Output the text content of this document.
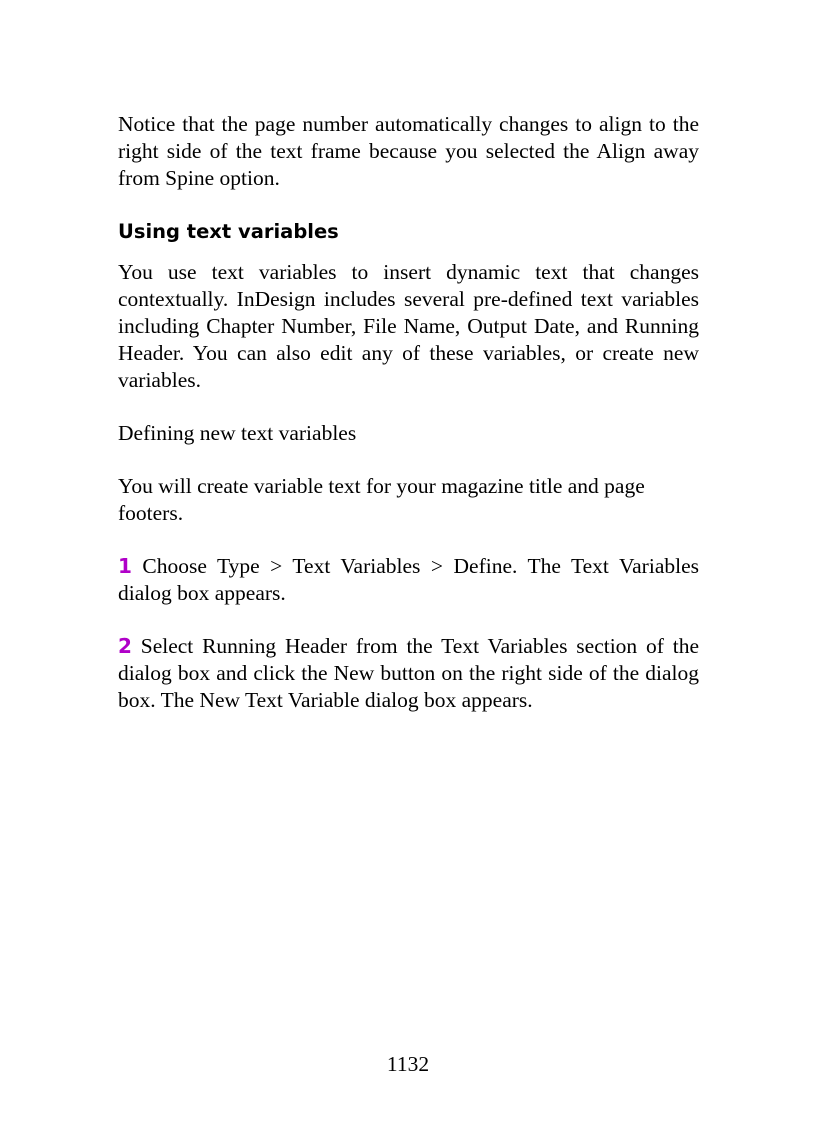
Notice that the page number automatically changes to align to the right side of the text frame because you selected the Align away from Spine option.

Using text variables

You use text variables to insert dynamic text that changes contextually. InDesign includes several pre-defined text variables including Chapter Number, File Name, Output Date, and Running Header. You can also edit any of these variables, or create new variables.

Defining new text variables

You will create variable text for your magazine title and page footers.

1 Choose Type > Text Variables > Define. The Text Variables dialog box appears.

2 Select Running Header from the Text Variables section of the dialog box and click the New button on the right side of the dialog box. The New Text Variable dialog box appears.

1132
